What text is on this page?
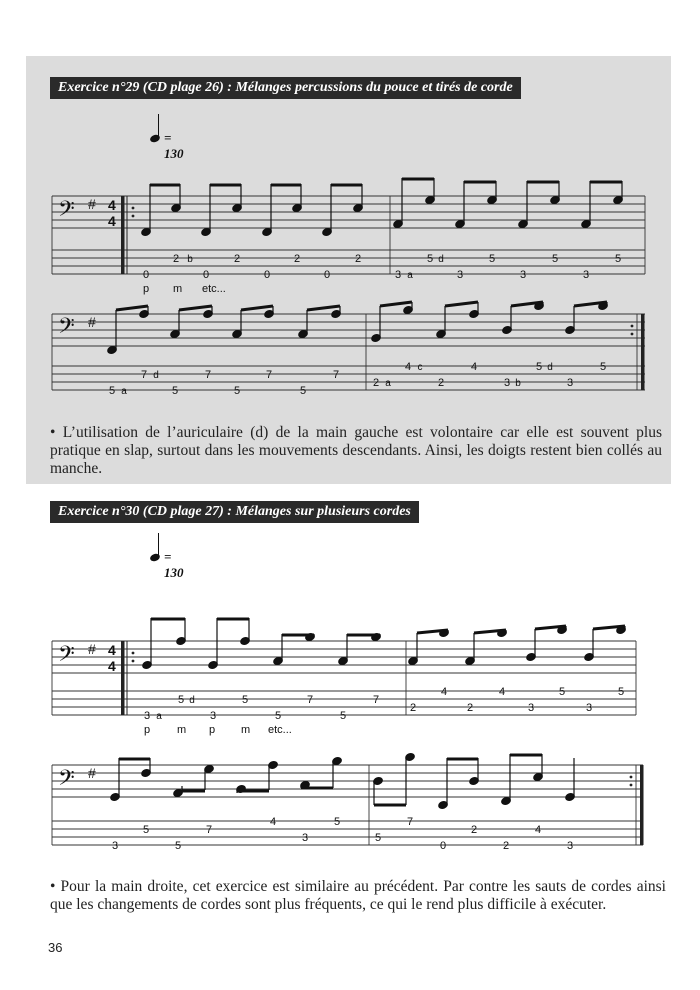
Exercice n°29 (CD plage 26) : Mélanges percussions du pouce et tirés de corde
= 130
𝄢 # 4
4
2 b	2	2	2	5 d	5	5	5
0	0	0	0	3 a	3	3	3
p m etc...
𝄢 #
4 c	4	5 d	5
7 d	7	7	7
5 a	5	5	5
2 a	2	3 b	3
• L’utilisation de l’auriculaire (d) de la main gauche est volontaire car elle est souvent plus pratique en slap, surtout dans les mouvements descendants. Ainsi, les doigts restent bien collés au manche.
Exercice n°30 (CD plage 27) : Mélanges sur plusieurs cordes
= 130
𝄢 # 4
4
4	4	5	5
5 d	5	7	7
3 a	3	5	5
2	2	3	3
p m p m etc...
𝄢 #
4	5	7
5	7	2	4
3	5
3	5
0	2	3
• Pour la main droite, cet exercice est similaire au précédent. Par contre les sauts de cordes ainsi que les changements de cordes sont plus fréquents, ce qui le rend plus difficile à exécuter.
36
